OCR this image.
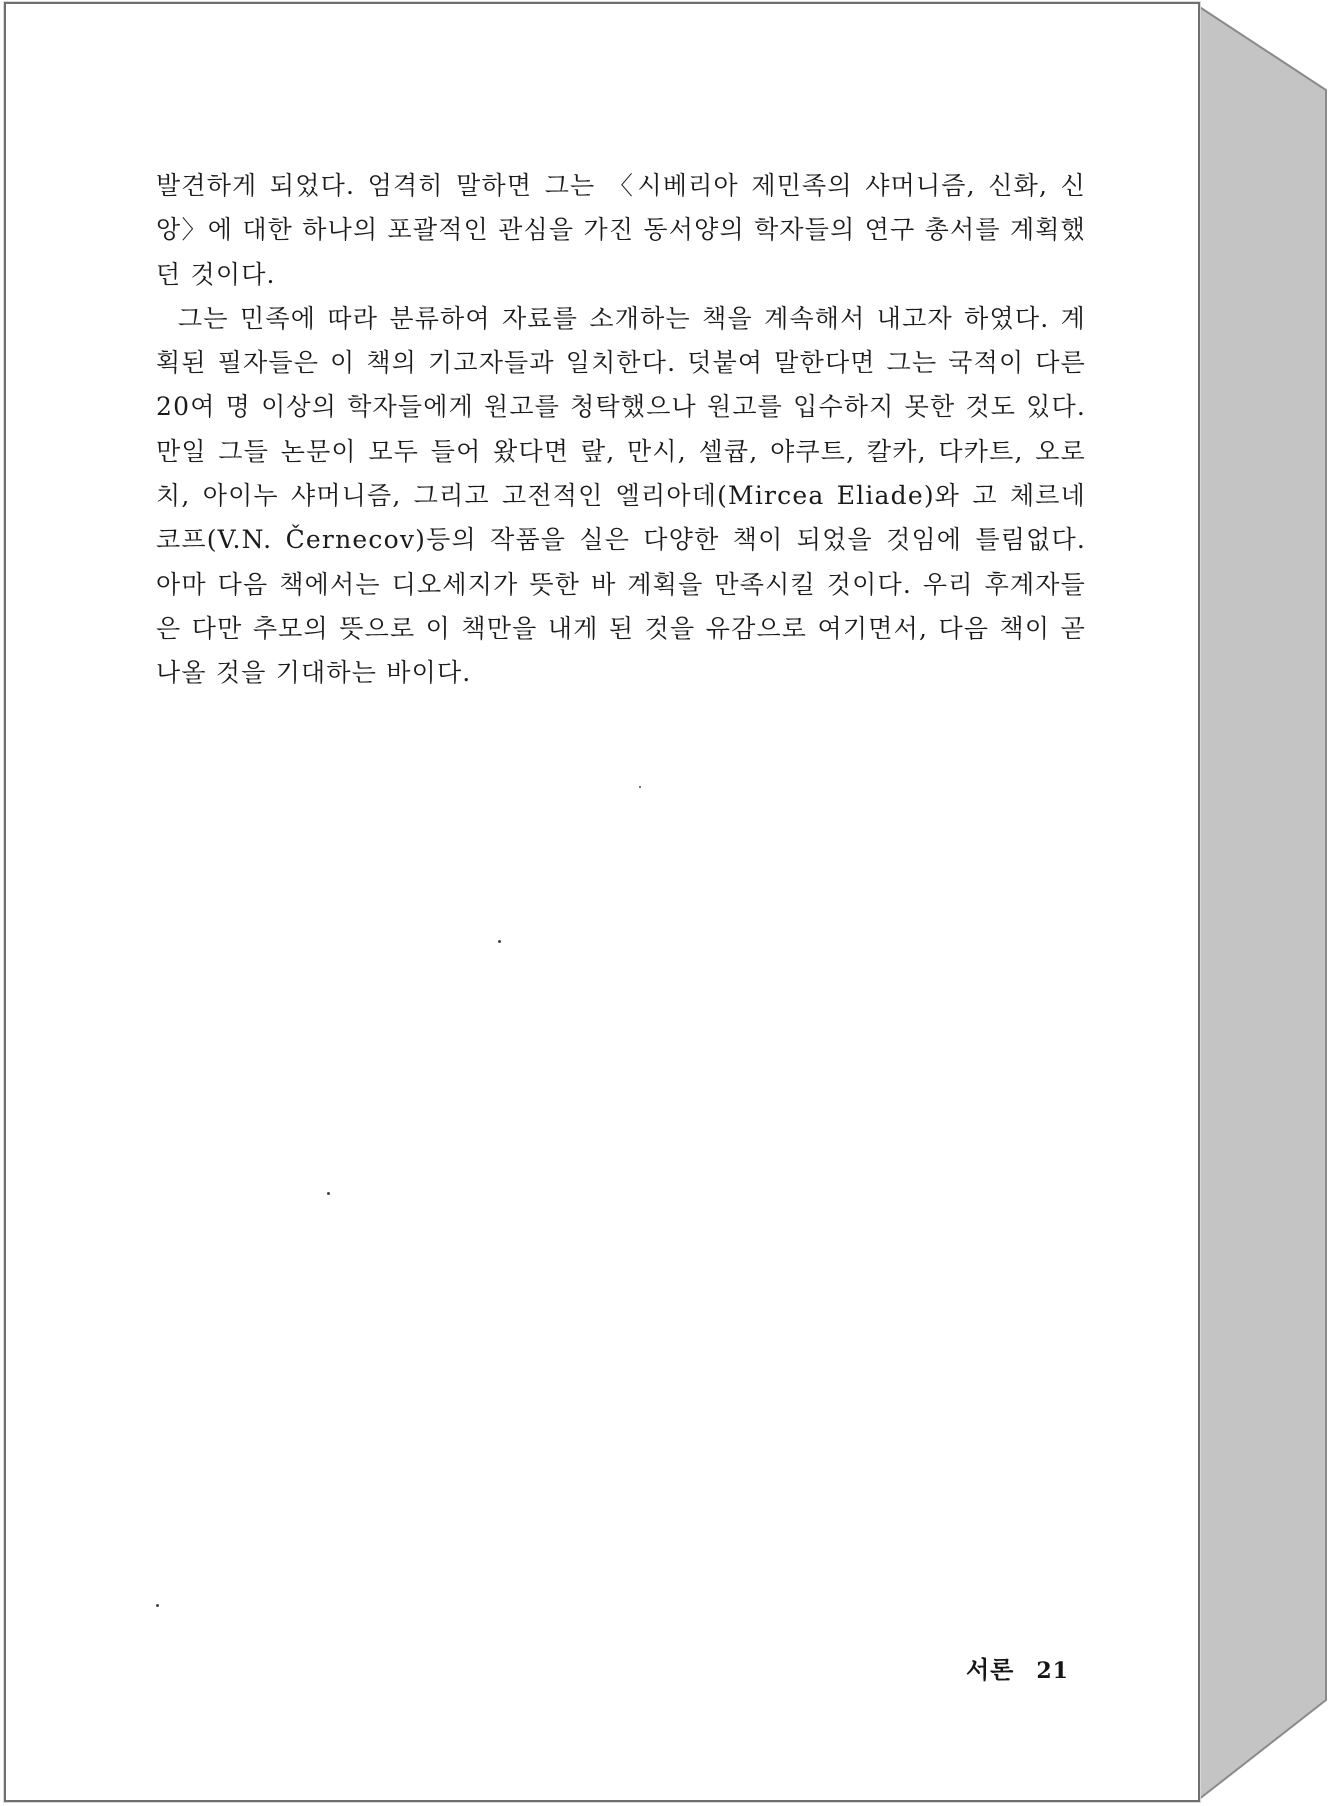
발견하게 되었다. 엄격히 말하면 그는 〈시베리아 제민족의 샤머니즘, 신화, 신앙〉에 대한 하나의 포괄적인 관심을 가진 동서양의 학자들의 연구 총서를 계획했던 것이다.

그는 민족에 따라 분류하여 자료를 소개하는 책을 계속해서 내고자 하였다. 계획된 필자들은 이 책의 기고자들과 일치한다. 덧붙여 말한다면 그는 국적이 다른 20여 명 이상의 학자들에게 원고를 청탁했으나 원고를 입수하지 못한 것도 있다. 만일 그들 논문이 모두 들어 왔다면 랖, 만시, 셀큡, 야쿠트, 칼카, 다카트, 오로치, 아이누 샤머니즘, 그리고 고전적인 엘리아데(Mircea Eliade)와 고 체르네코프(V.N. Černecov)등의 작품을 실은 다양한 책이 되었을 것임에 틀림없다. 아마 다음 책에서는 디오세지가 뜻한 바 계획을 만족시킬 것이다. 우리 후계자들은 다만 추모의 뜻으로 이 책만을 내게 된 것을 유감으로 여기면서, 다음 책이 곧 나올 것을 기대하는 바이다.

서론 21
